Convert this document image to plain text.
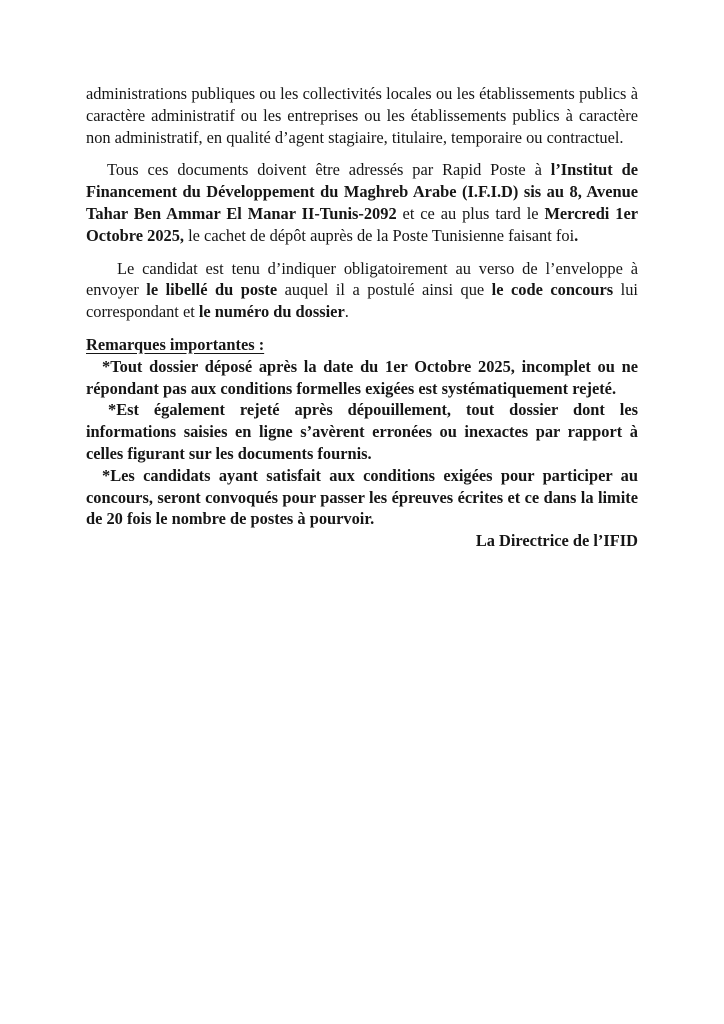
administrations publiques ou les collectivités locales ou les établissements publics à caractère administratif ou les entreprises ou les établissements publics à caractère non administratif, en qualité d’agent stagiaire, titulaire, temporaire ou contractuel.

Tous ces documents doivent être adressés par Rapid Poste à l’Institut de Financement du Développement du Maghreb Arabe (I.F.I.D) sis au 8, Avenue Tahar Ben Ammar El Manar II-Tunis-2092 et ce au plus tard le Mercredi 1er Octobre 2025, le cachet de dépôt auprès de la Poste Tunisienne faisant foi.

Le candidat est tenu d’indiquer obligatoirement au verso de l’enveloppe à envoyer le libellé du poste auquel il a postulé ainsi que le code concours lui correspondant et le numéro du dossier.

Remarques importantes :

*Tout dossier déposé après la date du 1er Octobre 2025, incomplet ou ne répondant pas aux conditions formelles exigées est systématiquement rejeté.

*Est également rejeté après dépouillement, tout dossier dont les informations saisies en ligne s’avèrent erronées ou inexactes par rapport à celles figurant sur les documents fournis.

*Les candidats ayant satisfait aux conditions exigées pour participer au concours, seront convoqués pour passer les épreuves écrites et ce dans la limite de 20 fois le nombre de postes à pourvoir.

La Directrice de l’IFID
